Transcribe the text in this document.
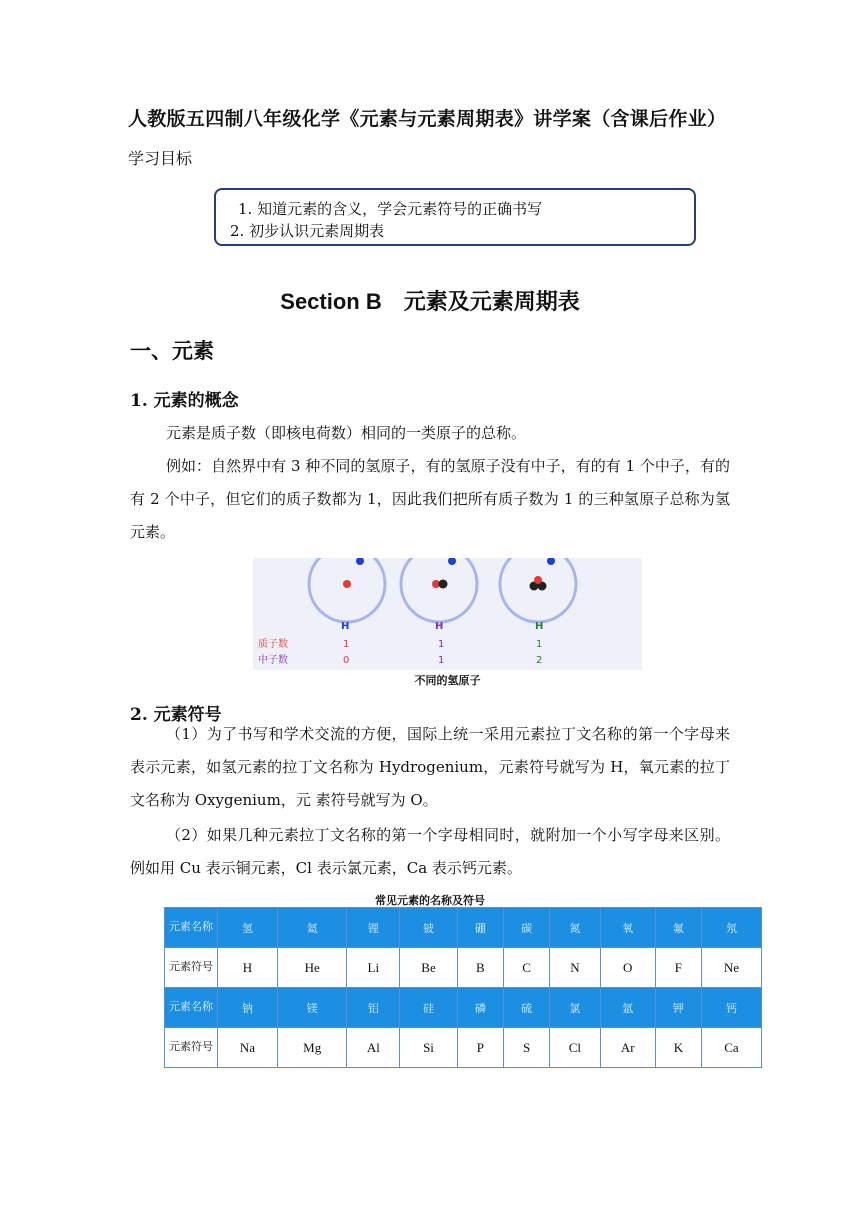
人教版五四制八年级化学《元素与元素周期表》讲学案（含课后作业）
学习目标
1. 知道元素的含义，学会元素符号的正确书写
2. 初步认识元素周期表
Section B　元素及元素周期表
一、元素
1. 元素的概念
元素是质子数（即核电荷数）相同的一类原子的总称。
例如：自然界中有 3 种不同的氢原子，有的氢原子没有中子，有的有 1 个中子，有的有 2 个中子，但它们的质子数都为 1，因此我们把所有质子数为 1 的三种氢原子总称为氢元素。
H	H	H
质子数
中子数
1	1	1
0	1	2
不同的氢原子
2. 元素符号
（1）为了书写和学术交流的方便，国际上统一采用元素拉丁文名称的第一个字母来表示元素，如氢元素的拉丁文名称为 Hydrogenium，元素符号就写为 H，氧元素的拉丁文名称为 Oxygenium，元 素符号就写为 O。
（2）如果几种元素拉丁文名称的第一个字母相同时，就附加一个小写字母来区别。例如用 Cu 表示铜元素，Cl 表示氯元素，Ca 表示钙元素。
常见元素的名称及符号
元素名称	氢	氦	锂	铍	硼	碳	氮	氧	氟	氖
元素符号	H	He	Li	Be	B	C	N	O	F	Ne
元素名称	钠	镁	铝	硅	磷	硫	氯	氩	钾	钙
元素符号	Na	Mg	Al	Si	P	S	Cl	Ar	K	Ca
